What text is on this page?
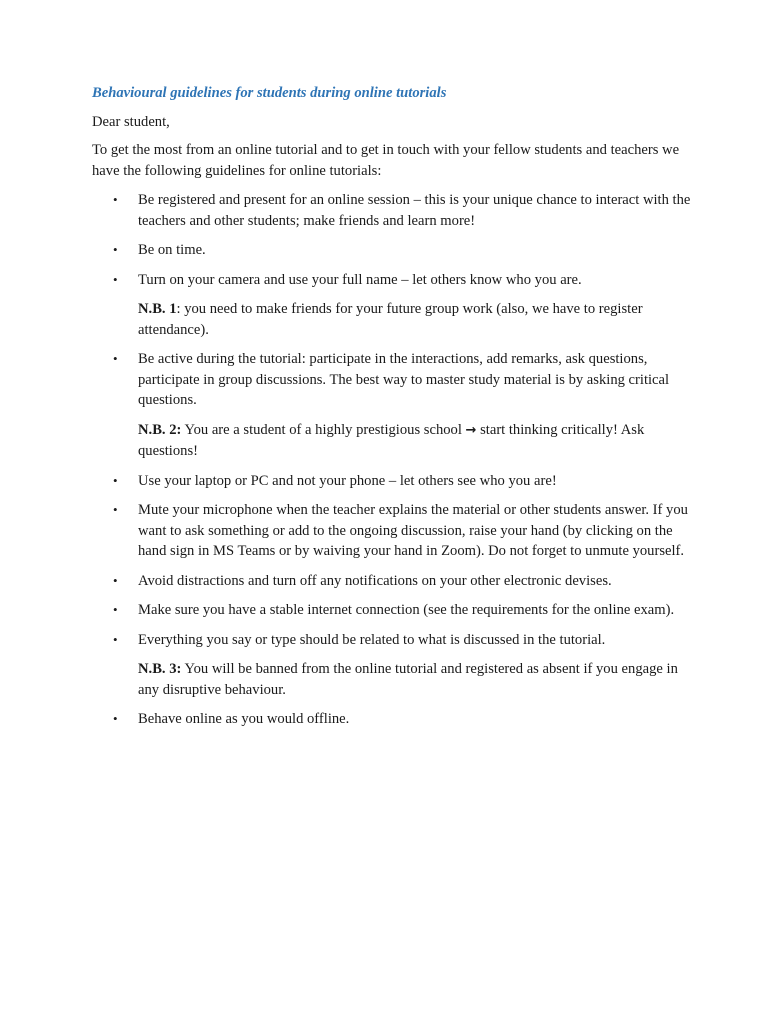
Behavioural guidelines for students during online tutorials

Dear student,

To get the most from an online tutorial and to get in touch with your fellow students and teachers we have the following guidelines for online tutorials:

• Be registered and present for an online session – this is your unique chance to interact with the teachers and other students; make friends and learn more!
• Be on time.
• Turn on your camera and use your full name – let others know who you are.
N.B. 1: you need to make friends for your future group work (also, we have to register attendance).
• Be active during the tutorial: participate in the interactions, add remarks, ask questions, participate in group discussions. The best way to master study material is by asking critical questions.
N.B. 2: You are a student of a highly prestigious school → start thinking critically! Ask questions!
• Use your laptop or PC and not your phone – let others see who you are!
• Mute your microphone when the teacher explains the material or other students answer. If you want to ask something or add to the ongoing discussion, raise your hand (by clicking on the hand sign in MS Teams or by waiving your hand in Zoom). Do not forget to unmute yourself.
• Avoid distractions and turn off any notifications on your other electronic devises.
• Make sure you have a stable internet connection (see the requirements for the online exam).
• Everything you say or type should be related to what is discussed in the tutorial.
N.B. 3: You will be banned from the online tutorial and registered as absent if you engage in any disruptive behaviour.
• Behave online as you would offline.
